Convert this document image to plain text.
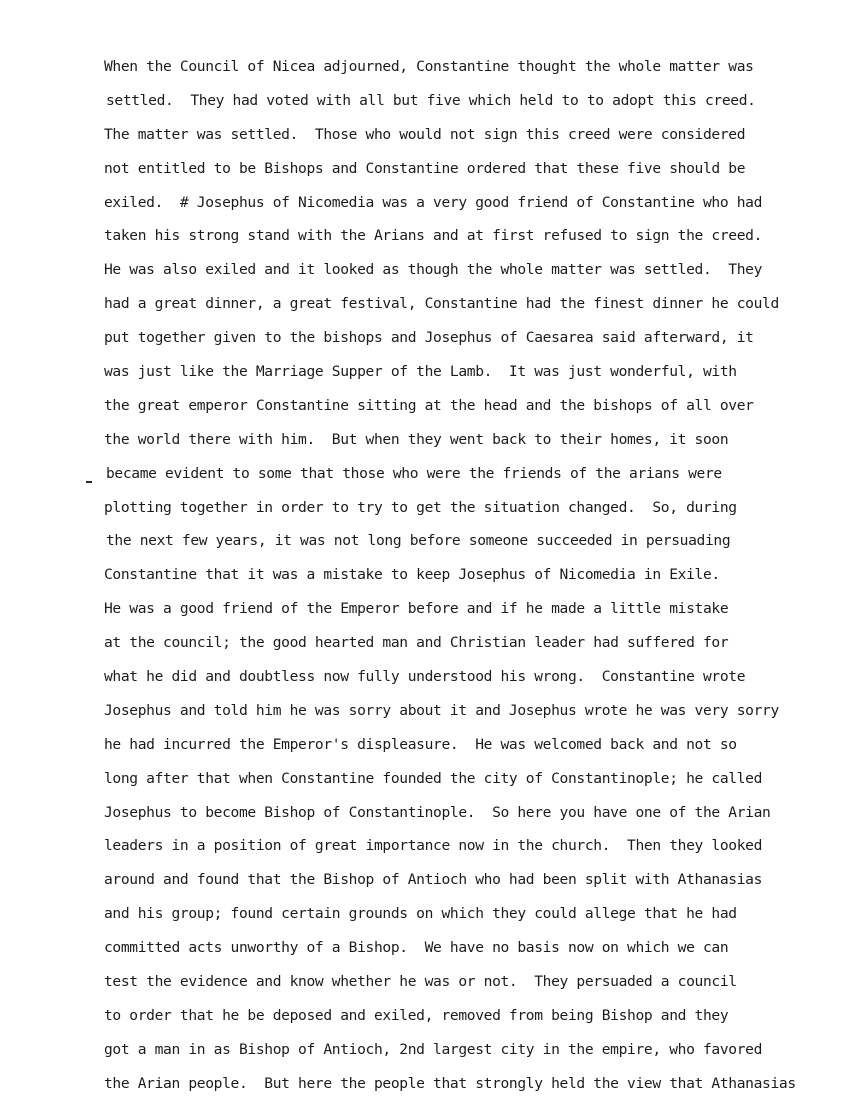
When the Council of Nicea adjourned, Constantine thought the whole matter was
settled.  They had voted with all but five which held to to adopt this creed.
The matter was settled.  Those who would not sign this creed were considered
not entitled to be Bishops and Constantine ordered that these five should be
exiled.  # Josephus of Nicomedia was a very good friend of Constantine who had
taken his strong stand with the Arians and at first refused to sign the creed.
He was also exiled and it looked as though the whole matter was settled.  They
had a great dinner, a great festival, Constantine had the finest dinner he could
put together given to the bishops and Josephus of Caesarea said afterward, it
was just like the Marriage Supper of the Lamb.  It was just wonderful, with
the great emperor Constantine sitting at the head and the bishops of all over
the world there with him.  But when they went back to their homes, it soon
became evident to some that those who were the friends of the arians were
plotting together in order to try to get the situation changed.  So, during
the next few years, it was not long before someone succeeded in persuading
Constantine that it was a mistake to keep Josephus of Nicomedia in Exile.
He was a good friend of the Emperor before and if he made a little mistake
at the council; the good hearted man and Christian leader had suffered for
what he did and doubtless now fully understood his wrong.  Constantine wrote
Josephus and told him he was sorry about it and Josephus wrote he was very sorry
he had incurred the Emperor's displeasure.  He was welcomed back and not so
long after that when Constantine founded the city of Constantinople; he called
Josephus to become Bishop of Constantinople.  So here you have one of the Arian
leaders in a position of great importance now in the church.  Then they looked
around and found that the Bishop of Antioch who had been split with Athanasias
and his group; found certain grounds on which they could allege that he had
committed acts unworthy of a Bishop.  We have no basis now on which we can
test the evidence and know whether he was or not.  They persuaded a council
to order that he be deposed and exiled, removed from being Bishop and they
got a man in as Bishop of Antioch, 2nd largest city in the empire, who favored
the Arian people.  But here the people that strongly held the view that Athanasias
